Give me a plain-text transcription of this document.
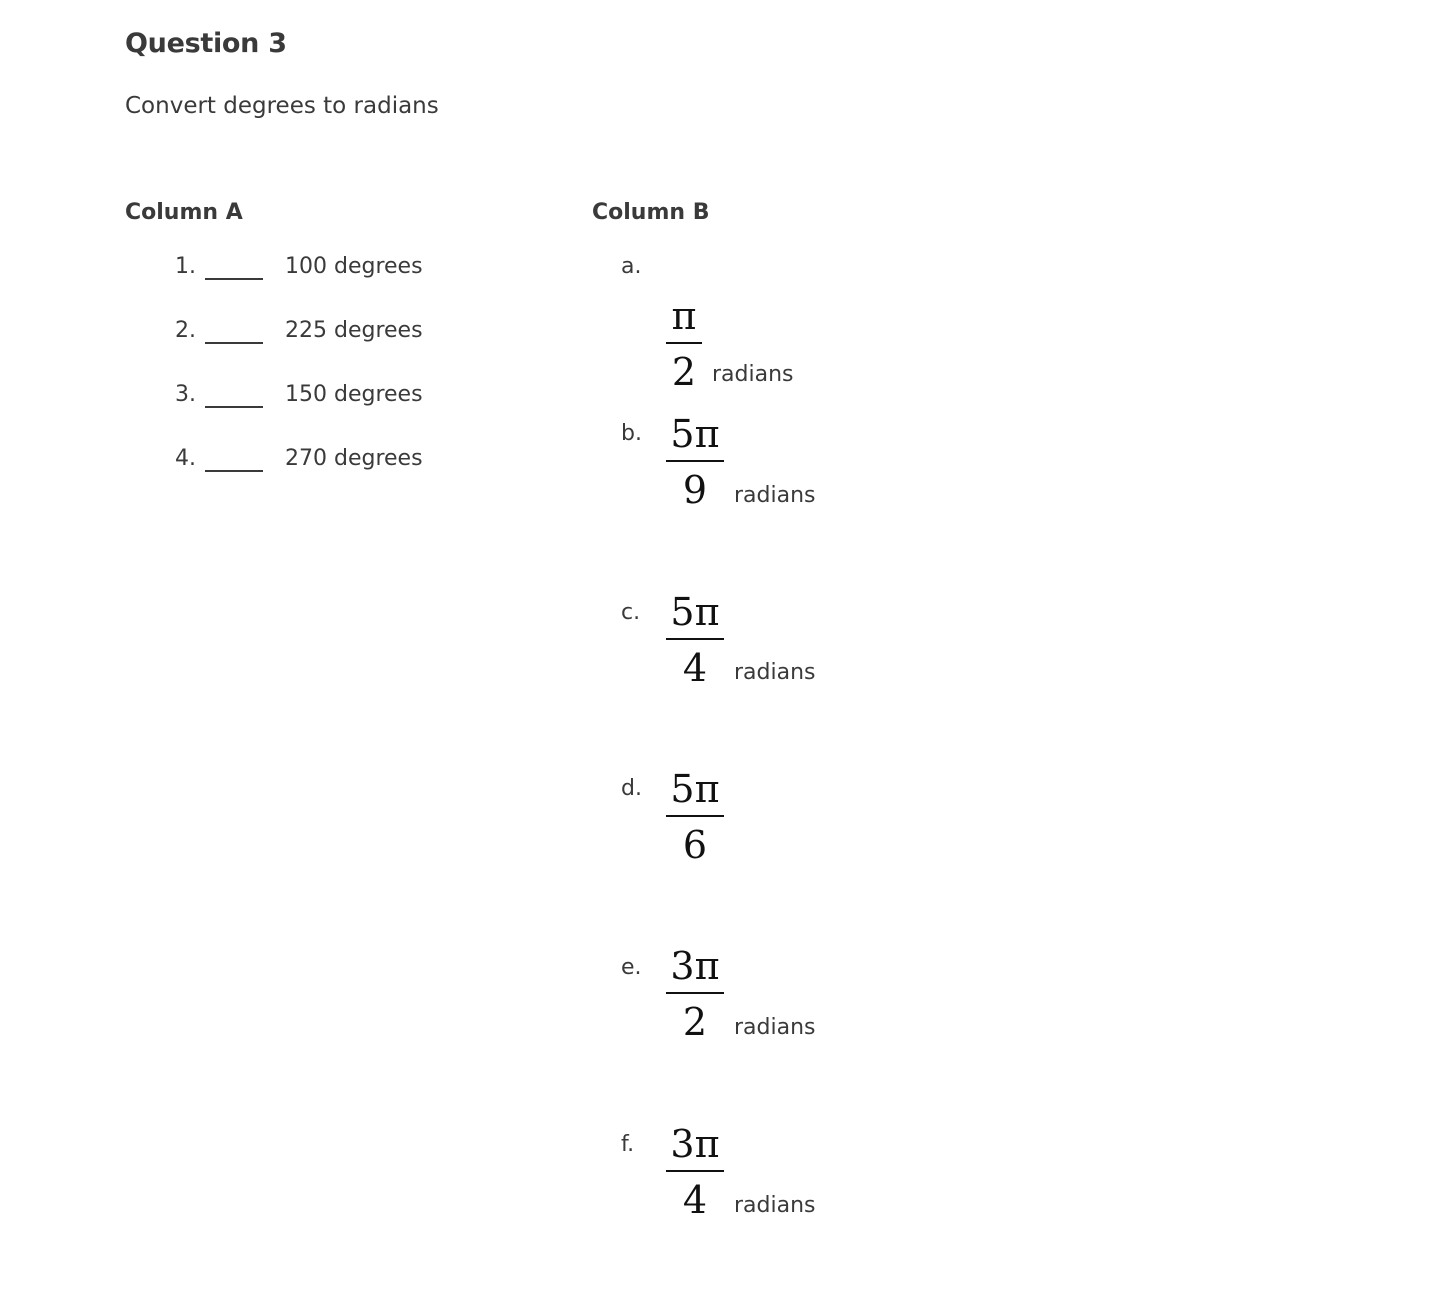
Question 3
Convert degrees to radians
Column A	Column B
1.	100 degrees
2.	225 degrees
3.	150 degrees
4.	270 degrees
a.
π
2 radians
b. 5π
9	radians
c. 5π
4	radians
d. 5π
6
e. 3π
2	radians
f. 3π
4	radians
